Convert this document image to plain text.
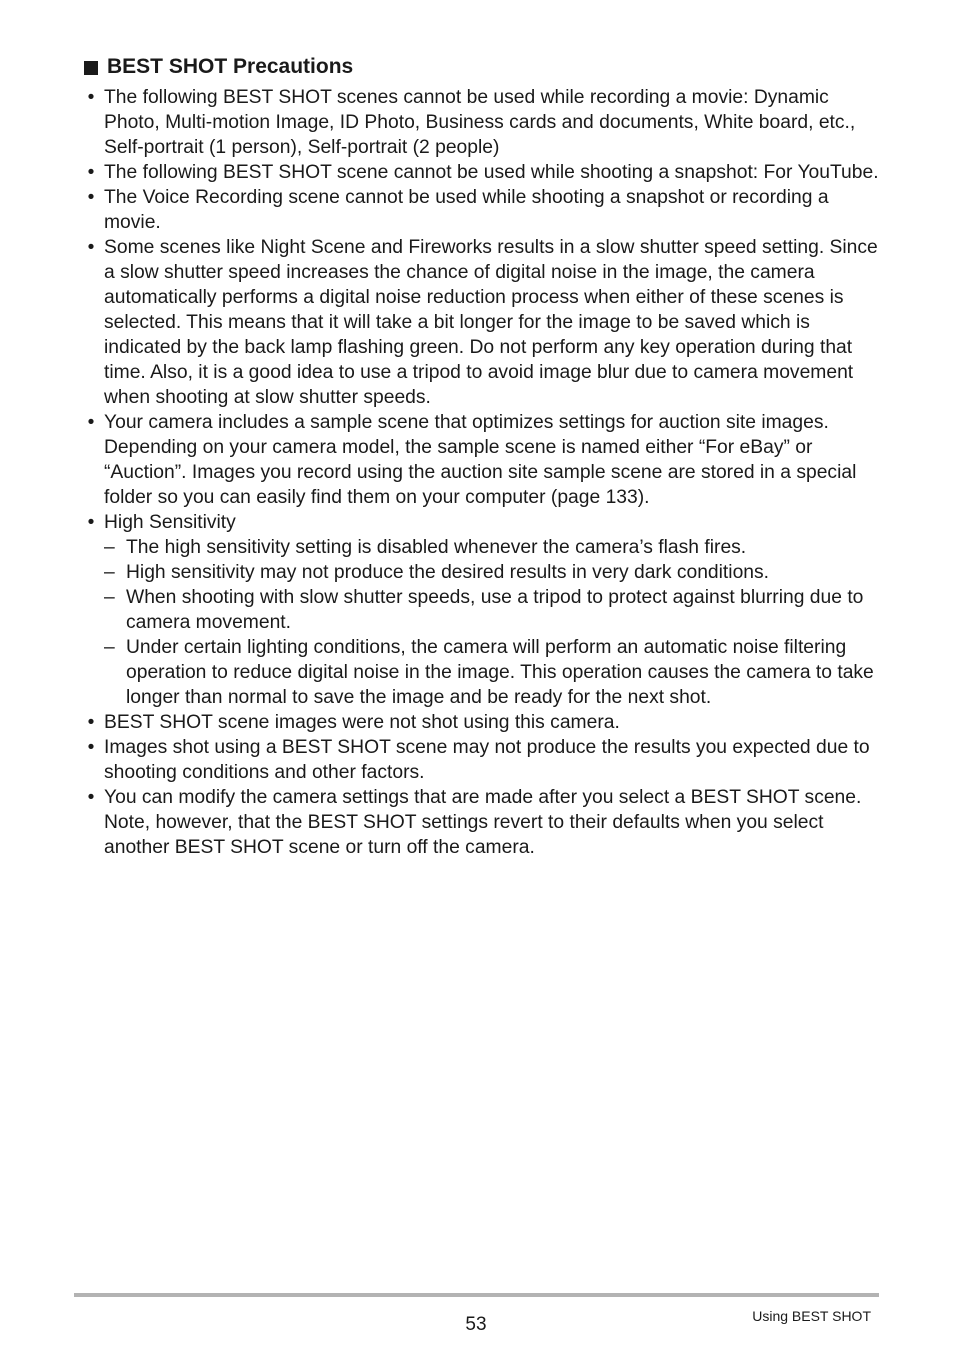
BEST SHOT Precautions
• The following BEST SHOT scenes cannot be used while recording a movie: Dynamic Photo, Multi-motion Image, ID Photo, Business cards and documents, White board, etc., Self-portrait (1 person), Self-portrait (2 people)
• The following BEST SHOT scene cannot be used while shooting a snapshot: For YouTube.
• The Voice Recording scene cannot be used while shooting a snapshot or recording a movie.
• Some scenes like Night Scene and Fireworks results in a slow shutter speed setting. Since a slow shutter speed increases the chance of digital noise in the image, the camera automatically performs a digital noise reduction process when either of these scenes is selected. This means that it will take a bit longer for the image to be saved which is indicated by the back lamp flashing green. Do not perform any key operation during that time. Also, it is a good idea to use a tripod to avoid image blur due to camera movement when shooting at slow shutter speeds.
• Your camera includes a sample scene that optimizes settings for auction site images. Depending on your camera model, the sample scene is named either “For eBay” or “Auction”. Images you record using the auction site sample scene are stored in a special folder so you can easily find them on your computer (page 133).
• High Sensitivity
– The high sensitivity setting is disabled whenever the camera’s flash fires.
– High sensitivity may not produce the desired results in very dark conditions.
– When shooting with slow shutter speeds, use a tripod to protect against blurring due to camera movement.
– Under certain lighting conditions, the camera will perform an automatic noise filtering operation to reduce digital noise in the image. This operation causes the camera to take longer than normal to save the image and be ready for the next shot.
• BEST SHOT scene images were not shot using this camera.
• Images shot using a BEST SHOT scene may not produce the results you expected due to shooting conditions and other factors.
• You can modify the camera settings that are made after you select a BEST SHOT scene. Note, however, that the BEST SHOT settings revert to their defaults when you select another BEST SHOT scene or turn off the camera.
53	Using BEST SHOT
